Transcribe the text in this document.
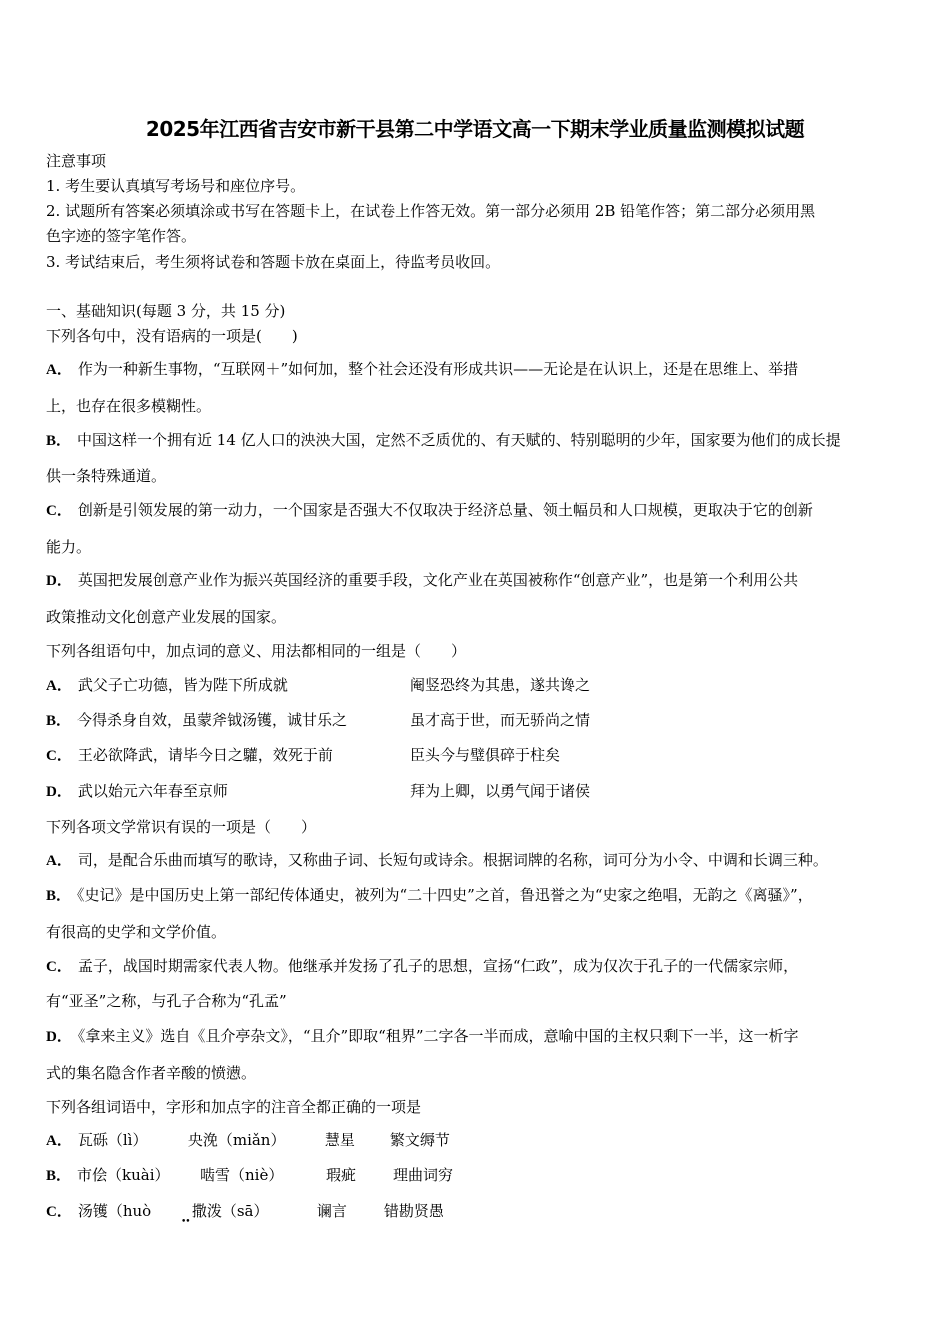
2025年江西省吉安市新干县第二中学语文高一下期末学业质量监测模拟试题
注意事项
1. 考生要认真填写考场号和座位序号。
2. 试题所有答案必须填涂或书写在答题卡上，在试卷上作答无效。第一部分必须用 2B 铅笔作答；第二部分必须用黑
色字迹的签字笔作答。
3. 考试结束后，考生须将试卷和答题卡放在桌面上，待监考员收回。
一、基础知识(每题 3 分，共 15 分)
下列各句中，没有语病的一项是(　　)
A． 作为一种新生事物，“互联网＋”如何加，整个社会还没有形成共识——无论是在认识上，还是在思维上、举措
上，也存在很多模糊性。
B． 中国这样一个拥有近 14 亿人口的泱泱大国，定然不乏质优的、有天赋的、特别聪明的少年，国家要为他们的成长提
供一条特殊通道。
C． 创新是引领发展的第一动力，一个国家是否强大不仅取决于经济总量、领土幅员和人口规模，更取决于它的创新
能力。
D． 英国把发展创意产业作为振兴英国经济的重要手段，文化产业在英国被称作“创意产业”，也是第一个利用公共
政策推动文化创意产业发展的国家。
下列各组语句中，加点词的意义、用法都相同的一组是（　　）
A． 武父子亡功德，皆为陛下所成就	阉竖恐终为其患，遂共谗之
B． 今得杀身自效，虽蒙斧钺汤镬，诚甘乐之	虽才高于世，而无骄尚之情
C． 王必欲降武，请毕今日之驩，效死于前	臣头今与璧俱碎于柱矣
D． 武以始元六年春至京师	拜为上卿，以勇气闻于诸侯
下列各项文学常识有误的一项是（　　）
A． 司，是配合乐曲而填写的歌诗，又称曲子词、长短句或诗余。根据词牌的名称，词可分为小令、中调和长调三种。
B． 《史记》是中国历史上第一部纪传体通史，被列为“二十四史”之首，鲁迅誉之为“史家之绝唱，无韵之《离骚》”，
有很高的史学和文学价值。
C． 孟子，战国时期需家代表人物。他继承并发扬了孔子的思想，宣扬“仁政”，成为仅次于孔子的一代儒家宗师，
有“亚圣”之称，与孔子合称为“孔孟”
D． 《拿来主义》选自《且介亭杂文》，“且介”即取“租界”二字各一半而成，意喻中国的主权只剩下一半，这一析字
式的集名隐含作者辛酸的愤懑。
下列各组词语中，字形和加点字的注音全都正确的一项是
A． 瓦砾（lì）	央浼（miǎn）	慧星 繁文缛节
B． 市侩（kuài） 啮雪（niè）	瑕疵 理曲词穷
C． 汤镬（huò	撒泼（sā）	谰言 错勘贤愚
••
